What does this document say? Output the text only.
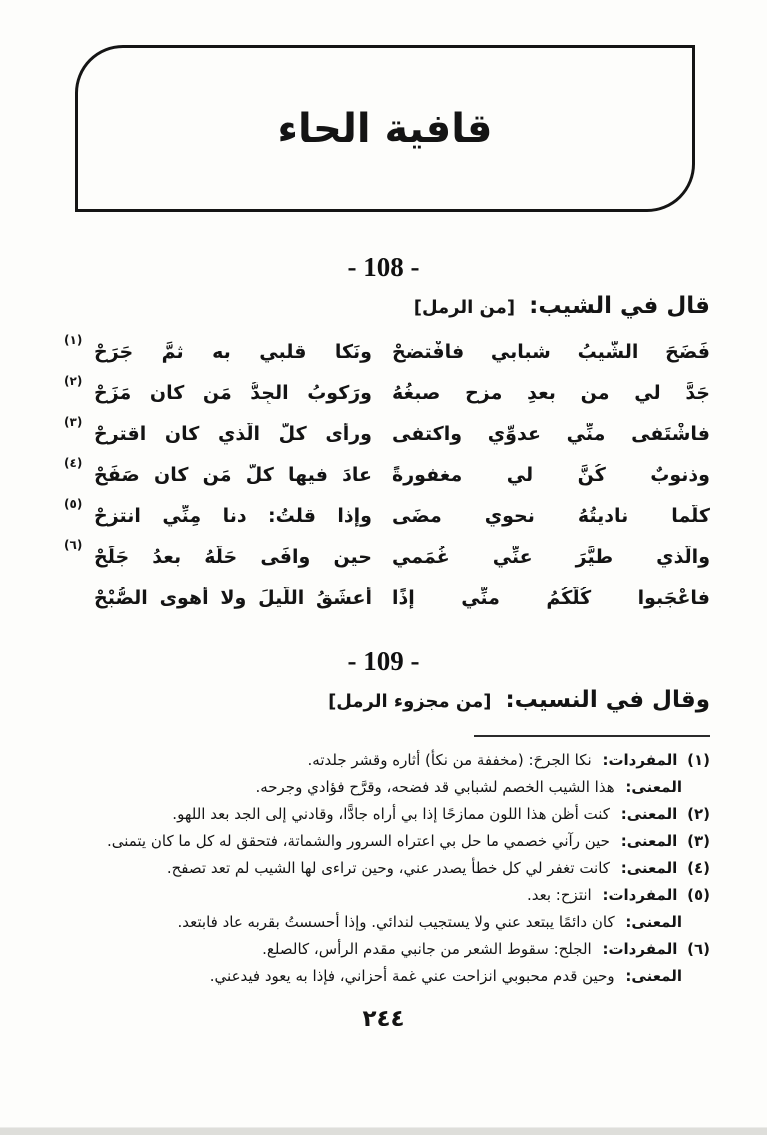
قافية الحاء
- 108 -
قال في الشيب: [من الرمل]
فَضَحَ الشَّيبُ شبابي فافْتضحْ
ونَكا قلبي به ثمَّ جَرَحْ
(١)
جَدَّ لي من بعدِ مزحٍ صبغُهُ
ورَكوبُ الجِدُّ مَن كان مَزَحْ
(٢)
فاشْتَفى منِّي عدوِّي واكتفى
ورأى كلَّ الَّذي كان اقترحْ
(٣)
وذنوبٌ كُنَّ لي مغفورةً
عادَ فيها كلُّ مَن كان صَفَحْ
(٤)
كلَّما ناديتُهُ نحوي مضَى
وإذا قلتُ: دنا مِنِّي انتزحْ
(٥)
والَّذي طيَّرَ عنِّي غُمَمي
حين وافَى حَلَّهُ بعدُ جَلَحْ
(٦)
فاعْجَبوا كُلُّكُمُ منِّي إذًا
أعشَقُ اللَّيلَ ولا أهوى الصُّبْحْ
- 109 -
وقال في النسيب: [من مجزوء الرمل]
(١) المفردات: نكا الجرحَ: (مخففة من نكأ) أثاره وقشر جلدته.
المعنى: هذا الشيب الخصم لشبابي قد فضحه، وقرَّح فؤادي وجرحه.
(٢) المعنى: كنت أظن هذا اللون ممازحًا إذا بي أراه جادًّا، وقادني إلى الجد بعد اللهو.
(٣) المعنى: حين رآني خصمي ما حل بي اعتراه السرور والشماتة، فتحقق له كل ما كان يتمنى.
(٤) المعنى: كانت تغفر لي كل خطأ يصدر عني، وحين تراءى لها الشيب لم تعد تصفح.
(٥) المفردات: انتزح: بعد.
المعنى: كان دائمًا يبتعد عني ولا يستجيب لندائي. وإذا أحسستُ بقربه عاد فابتعد.
(٦) المفردات: الجلح: سقوط الشعر من جانبي مقدم الرأس، كالصلع.
المعنى: وحين قدم محبوبي انزاحت عني غمة أحزاني، فإذا به يعود فيدعني.
٢٤٤
